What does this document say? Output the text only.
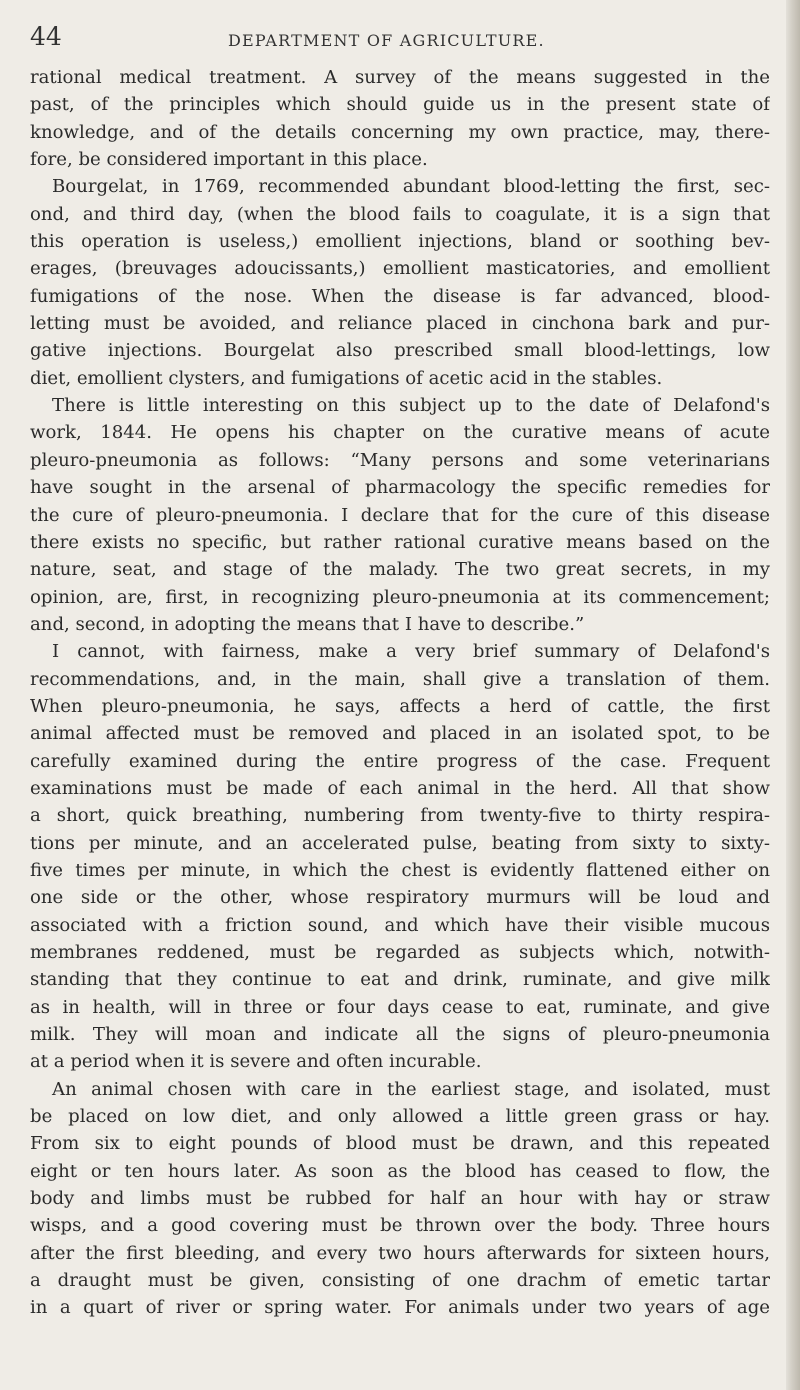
44	DEPARTMENT OF AGRICULTURE.
rational medical treatment. A survey of the means suggested in the
past, of the principles which should guide us in the present state of
knowledge, and of the details concerning my own practice, may, there-
fore, be considered important in this place.
Bourgelat, in 1769, recommended abundant blood-letting the first, sec-
ond, and third day, (when the blood fails to coagulate, it is a sign that
this operation is useless,) emollient injections, bland or soothing bev-
erages, (breuvages adoucissants,) emollient masticatories, and emollient
fumigations of the nose. When the disease is far advanced, blood-
letting must be avoided, and reliance placed in cinchona bark and pur-
gative injections. Bourgelat also prescribed small blood-lettings, low
diet, emollient clysters, and fumigations of acetic acid in the stables.
There is little interesting on this subject up to the date of Delafond's
work, 1844. He opens his chapter on the curative means of acute
pleuro-pneumonia as follows: “Many persons and some veterinarians
have sought in the arsenal of pharmacology the specific remedies for
the cure of pleuro-pneumonia. I declare that for the cure of this disease
there exists no specific, but rather rational curative means based on the
nature, seat, and stage of the malady. The two great secrets, in my
opinion, are, first, in recognizing pleuro-pneumonia at its commencement;
and, second, in adopting the means that I have to describe.”
I cannot, with fairness, make a very brief summary of Delafond's
recommendations, and, in the main, shall give a translation of them.
When pleuro-pneumonia, he says, affects a herd of cattle, the first
animal affected must be removed and placed in an isolated spot, to be
carefully examined during the entire progress of the case. Frequent
examinations must be made of each animal in the herd. All that show
a short, quick breathing, numbering from twenty-five to thirty respira-
tions per minute, and an accelerated pulse, beating from sixty to sixty-
five times per minute, in which the chest is evidently flattened either on
one side or the other, whose respiratory murmurs will be loud and
associated with a friction sound, and which have their visible mucous
membranes reddened, must be regarded as subjects which, notwith-
standing that they continue to eat and drink, ruminate, and give milk
as in health, will in three or four days cease to eat, ruminate, and give
milk. They will moan and indicate all the signs of pleuro-pneumonia
at a period when it is severe and often incurable.
An animal chosen with care in the earliest stage, and isolated, must
be placed on low diet, and only allowed a little green grass or hay.
From six to eight pounds of blood must be drawn, and this repeated
eight or ten hours later. As soon as the blood has ceased to flow, the
body and limbs must be rubbed for half an hour with hay or straw
wisps, and a good covering must be thrown over the body. Three hours
after the first bleeding, and every two hours afterwards for sixteen hours,
a draught must be given, consisting of one drachm of emetic tartar
in a quart of river or spring water. For animals under two years of age
